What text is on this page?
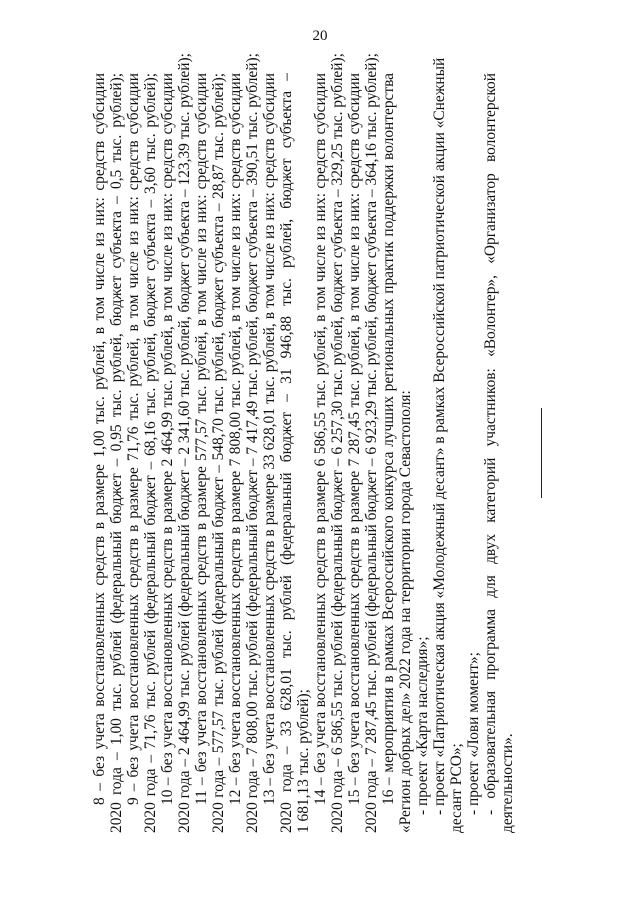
20
8 – без учета восстановленных средств в размере 1,00 тыс. рублей, в том числе из них: средств субсидии 2020 года – 1,00 тыс. рублей (федеральный бюджет – 0,95 тыс. рублей, бюджет субъекта – 0,5 тыс. рублей); 9 – без учета восстановленных средств в размере 71,76 тыс. рублей, в том числе из них: средств субсидии 2020 года – 71,76 тыс. рублей (федеральный бюджет – 68,16 тыс. рублей, бюджет субъекта – 3,60 тыс. рублей); 10 – без учета восстановленных средств в размере 2 464,99 тыс. рублей, в том числе из них: средств субсидии 2020 года – 2 464,99 тыс. рублей (федеральный бюджет – 2 341,60 тыс. рублей, бюджет субъекта – 123,39 тыс. рублей); 11 – без учета восстановленных средств в размере 577,57 тыс. рублей, в том числе из них: средств субсидии 2020 года – 577,57 тыс. рублей (федеральный бюджет – 548,70 тыс. рублей, бюджет субъекта – 28,87 тыс. рублей); 12 – без учета восстановленных средств в размере 7 808,00 тыс. рублей, в том числе из них: средств субсидии 2020 года – 7 808,00 тыс. рублей (федеральный бюджет – 7 417,49 тыс. рублей, бюджет субъекта – 390,51 тыс. рублей); 13 – без учета восстановленных средств в размере 33 628,01 тыс. рублей, в том числе из них: средств субсидии 2020 года – 33 628,01 тыс. рублей (федеральный бюджет – 31 946,88 тыс. рублей, бюджет субъекта – 1 681,13 тыс. рублей); 14 – без учета восстановленных средств в размере 6 586,55 тыс. рублей, в том числе из них: средств субсидии 2020 года – 6 586,55 тыс. рублей (федеральный бюджет – 6 257,30 тыс. рублей, бюджет субъекта – 329,25 тыс. рублей); 15 – без учета восстановленных средств в размере 7 287,45 тыс. рублей, в том числе из них: средств субсидии 2020 года – 7 287,45 тыс. рублей (федеральный бюджет – 6 923,29 тыс. рублей, бюджет субъекта – 364,16 тыс. рублей); 16 – мероприятия в рамках Всероссийского конкурса лучших региональных практик поддержки волонтерства «Регион добрых дел» 2022 года на территории города Севастополя: - проект «Карта наследия»; - проект «Патриотическая акция «Молодежный десант» в рамках Всероссийской патриотической акции «Снежный десант РСО»; - проект «Лови момент»; - образовательная программа для двух категорий участников: «Волонтер», «Организатор волонтерской деятельности».
